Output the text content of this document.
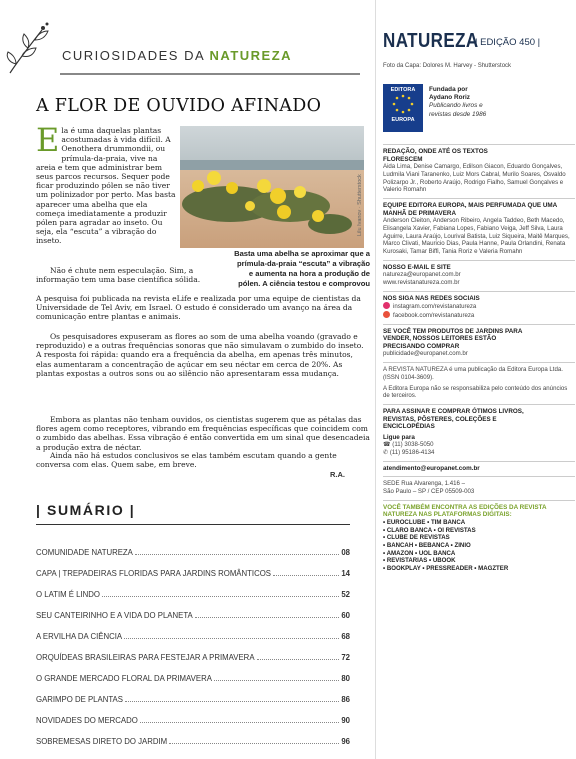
CURIOSIDADES DA NATUREZA
A FLOR DE OUVIDO AFINADO
Lilu Ivanov · Shutterstock
Basta uma abelha se aproximar que a prímula-da-praia “escuta” a vibração e aumenta na hora a produção de pólen. A ciência testou e comprovou

Ela é uma daquelas plantas acostumadas à vida difícil. A Oenothera drummondii, ou prímula-da-praia, vive na areia e tem que administrar bem seus parcos recursos. Sequer pode ficar produzindo pólen se não tiver um polinizador por perto. Mas basta aparecer uma abelha que ela começa imediatamente a produzir pólen para agradar ao inseto. Ou seja, ela “escuta” a vibração do inseto.

Não é chute nem especulação. Sim, a informação tem uma base científica sólida.

A pesquisa foi publicada na revista eLife e realizada por uma equipe de cientistas da Universidade de Tel Aviv, em Israel. O estudo é considerado um avanço na área da comunicação entre plantas e animais.

Os pesquisadores expuseram as flores ao som de uma abelha voando (gravado e reproduzido) e a outras frequências sonoras que não simulavam o zumbido do inseto. A resposta foi rápida: quando era a frequência da abelha, em apenas três minutos, elas aumentaram a concentração de açúcar em seu néctar em cerca de 20%. As plantas expostas a outros sons ou ao silêncio não apresentaram essa mudança.

Embora as plantas não tenham ouvidos, os cientistas sugerem que as pétalas das flores agem como receptores, vibrando em frequências específicas que coincidem com o zumbido das abelhas. Essa vibração é então convertida em um sinal que desencadeia a produção extra de néctar.

Ainda não há estudos conclusivos se elas também escutam quando a gente conversa com elas. Quem sabe, em breve.

R.A.
| SUMÁRIO |
COMUNIDADE NATUREZA	08
CAPA | TREPADEIRAS FLORIDAS PARA JARDINS ROMÂNTICOS	14
O LATIM É LINDO	52
SEU CANTEIRINHO E A VIDA DO PLANETA	60
A ERVILHA DA CIÊNCIA	68
ORQUÍDEAS BRASILEIRAS PARA FESTEJAR A PRIMAVERA	72
O GRANDE MERCADO FLORAL DA PRIMAVERA	80
GARIMPO DE PLANTAS	86
NOVIDADES DO MERCADO	90
SOBREMESAS DIRETO DO JARDIM	96
NATUREZA
| EDIÇÃO 450 |
Foto da Capa: Dolores M. Harvey - Shutterstock
EDITORA
EUROPA
Fundada por
Aydano Roriz
Publicando livros e revistas desde 1986
REDAÇÃO, ONDE ATÉ OS TEXTOS FLORESCEM

Aida Lima, Denise Camargo, Edilson Giacon, Eduardo Gonçalves, Ludmila Viani Taranenko, Luiz Mors Cabral, Murilo Soares, Osvaldo Polizarpo Jr., Roberto Araújo, Rodrigo Fialho, Samuel Gonçalves e Valerio Romahn

EQUIPE EDITORA EUROPA, MAIS PERFUMADA QUE UMA MANHÃ DE PRIMAVERA

Anderson Cleiton, Anderson Ribeiro, Angela Taddeo, Beth Macedo, Elisangela Xavier, Fabiana Lopes, Fabiano Veiga, Jeff Silva, Laura Aguirre, Laura Araújo, Lourival Batista, Luiz Siqueira, Maitê Marques, Marco Clivati, Mauricio Dias, Paula Hanne, Paula Orlandini, Renata Kurosaki, Tamar Biffi, Tania Roriz e Valeria Romahn

NOSSO E-MAIL E SITE

natureza@europanet.com.br

www.revistanatureza.com.br

NOS SIGA NAS REDES SOCIAIS

instagram.com/revistanatureza

facebook.com/revistanatureza

SE VOCÊ TEM PRODUTOS DE JARDINS PARA VENDER, NOSSOS LEITORES ESTÃO PRECISANDO COMPRAR

publicidade@europanet.com.br

A REVISTA NATUREZA é uma publicação da Editora Europa Ltda. (ISSN 0104-3609).

A Editora Europa não se responsabiliza pelo conteúdo dos anúncios de terceiros.

PARA ASSINAR E COMPRAR ÓTIMOS LIVROS, REVISTAS, PÔSTERES, COLEÇÕES E ENCICLOPÉDIAS
Ligue para

☎ (11) 3038-5050

✆ (11) 95186-4134

atendimento@europanet.com.br

SEDE Rua Alvarenga, 1.416 –

São Paulo – SP / CEP 05509-003

VOCÊ TAMBÉM ENCONTRA AS EDIÇÕES DA REVISTA NATUREZA NAS PLATAFORMAS DIGITAIS:

• EUROCLUBE • TIM BANCA

• CLARO BANCA • OI REVISTAS

• CLUBE DE REVISTAS

• BANCAH • BEBANCA • ZINIO

• AMAZON • UOL BANCA

• REVISTARIAS • UBOOK

• BOOKPLAY • PRESSREADER • MAGZTER
